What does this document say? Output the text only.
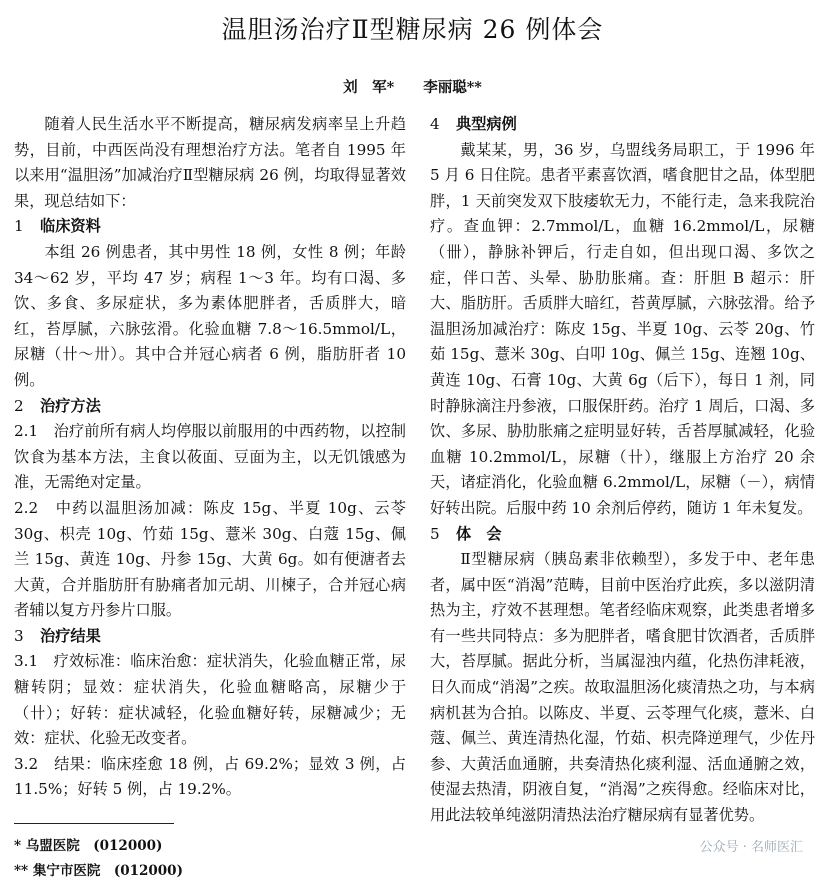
温胆汤治疗Ⅱ型糖尿病 26 例体会
刘　军*　　李丽聪**

随着人民生活水平不断提高，糖尿病发病率呈上升趋势，目前，中西医尚没有理想治疗方法。笔者自 1995 年以来用“温胆汤”加减治疗Ⅱ型糖尿病 26 例，均取得显著效果，现总结如下：

1 临床资料

本组 26 例患者，其中男性 18 例，女性 8 例；年龄 34～62 岁，平均 47 岁；病程 1～3 年。均有口渴、多饮、多食、多尿症状，多为素体肥胖者，舌质胖大，暗红，苔厚腻，六脉弦滑。化验血糖 7.8～16.5mmol/L，尿糖（卄～卅）。其中合并冠心病者 6 例，脂肪肝者 10 例。

2 治疗方法

2.1　治疗前所有病人均停服以前服用的中西药物，以控制饮食为基本方法，主食以莜面、豆面为主，以无饥饿感为准，无需绝对定量。

2.2　中药以温胆汤加减：陈皮 15g、半夏 10g、云苓 30g、枳壳 10g、竹茹 15g、薏米 30g、白蔻 15g、佩兰 15g、黄连 10g、丹参 15g、大黄 6g。如有便溏者去大黄，合并脂肪肝有胁痛者加元胡、川楝子，合并冠心病者辅以复方丹参片口服。

3 治疗结果

3.1　疗效标准：临床治愈：症状消失，化验血糖正常，尿糖转阴；显效：症状消失，化验血糖略高，尿糖少于（卄）；好转：症状减轻，化验血糖好转，尿糖减少；无效：症状、化验无改变者。

3.2　结果：临床痊愈 18 例，占 69.2%；显效 3 例，占 11.5%；好转 5 例，占 19.2%。

* 乌盟医院　(012000)

** 集宁市医院　(012000)

4 典型病例

戴某某，男，36 岁，乌盟线务局职工，于 1996 年 5 月 6 日住院。患者平素喜饮酒，嗜食肥甘之品，体型肥胖，1 天前突发双下肢痿软无力，不能行走，急来我院治疗。查血钾：2.7mmol/L，血糖 16.2mmol/L，尿糖（卌），静脉补钾后，行走自如，但出现口渴、多饮之症，伴口苦、头晕、胁肋胀痛。查：肝胆 B 超示：肝大、脂肪肝。舌质胖大暗红，苔黄厚腻，六脉弦滑。给予温胆汤加减治疗：陈皮 15g、半夏 10g、云苓 20g、竹茹 15g、薏米 30g、白叩 10g、佩兰 15g、连翘 10g、黄连 10g、石膏 10g、大黄 6g（后下），每日 1 剂，同时静脉滴注丹参液，口服保肝药。治疗 1 周后，口渴、多饮、多尿、胁肋胀痛之症明显好转，舌苔厚腻减轻，化验血糖 10.2mmol/L，尿糖（卄），继服上方治疗 20 余天，诸症消化，化验血糖 6.2mmol/L，尿糖（－），病情好转出院。后服中药 10 余剂后停药，随访 1 年未复发。

5 体　会

Ⅱ型糖尿病（胰岛素非依赖型），多发于中、老年患者，属中医“消渴”范畴，目前中医治疗此疾，多以滋阴清热为主，疗效不甚理想。笔者经临床观察，此类患者增多有一些共同特点：多为肥胖者，嗜食肥甘饮酒者，舌质胖大，苔厚腻。据此分析，当属湿浊内蕴，化热伤津耗液，日久而成“消渴”之疾。故取温胆汤化痰清热之功，与本病病机甚为合拍。以陈皮、半夏、云苓理气化痰，薏米、白蔻、佩兰、黄连清热化湿，竹茹、枳壳降逆理气，少佐丹参、大黄活血通腑，共奏清热化痰利湿、活血通腑之效，使湿去热清，阴液自复，“消渴”之疾得愈。经临床对比，用此法较单纯滋阴清热法治疗糖尿病有显著优势。

公众号 · 名师医汇
